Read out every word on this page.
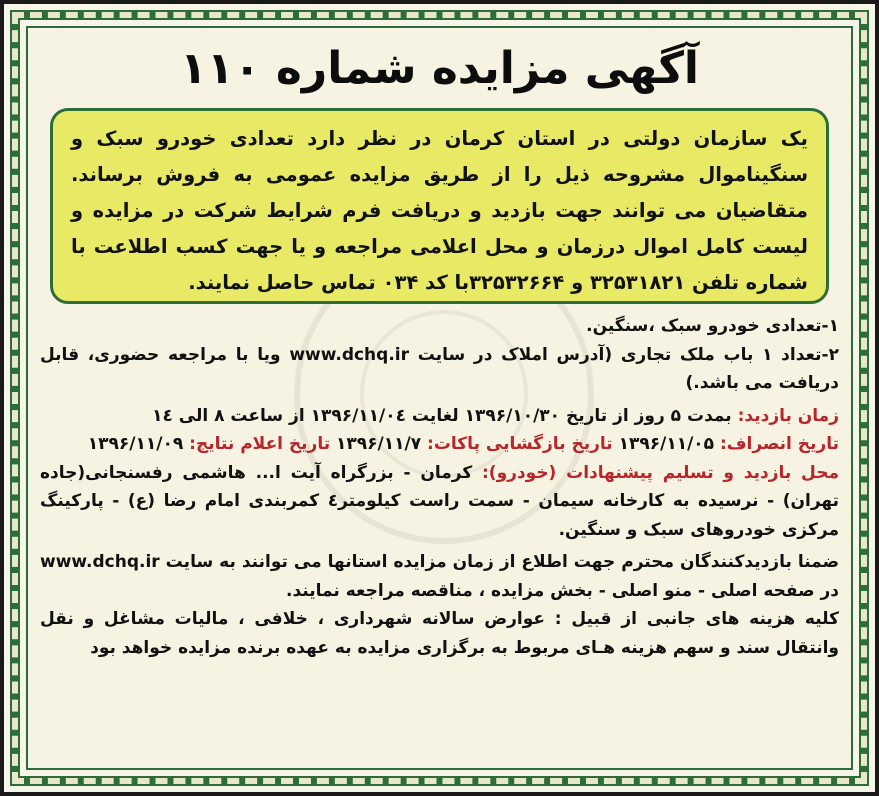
آگهی مزایده شماره ۱۱۰
یک سازمان دولتی در استان کرمان در نظر دارد تعدادی خودرو سبک و سنگیناموال مشروحه ذیل را از طریق مزایده عمومی به فروش برساند. متقاضیان می توانند جهت بازدید و دریافت فرم شرایط شرکت در مزایده و لیست کامل اموال درزمان و محل اعلامی مراجعه و یا جهت کسب اطلاعت با شماره تلفن ۳۲۵۳۱۸۲۱ و ۳۲۵۳۲۶۶۴با کد ۰۳۴ تماس حاصل نمایند.

۱-تعدادی خودرو سبک ،سنگین.

۲-تعداد ۱ باب ملک تجاری (آدرس املاک در سایت www.dchq.ir ویا با مراجعه حضوری، قابل دریافت می باشد.)

زمان بازدید: بمدت ۵ روز از تاریخ ۱۳۹۶/۱۰/۳۰ لغایت ۱۳۹۶/۱۱/۰٤ از ساعت ۸ الی ۱٤

تاریخ انصراف: ۱۳۹۶/۱۱/۰۵ تاریخ بازگشایی پاکات: ۱۳۹۶/۱۱/۷ تاریخ اعلام نتایج: ۱۳۹۶/۱۱/۰۹

محل بازدید و تسلیم پیشنهادات (خودرو): کرمان - بزرگراه آیت ا... هاشمی رفسنجانی(جاده تهران) - نرسیده به کارخانه سیمان - سمت راست کیلومتر٤ کمربندی امام رضا (ع) - پارکینگ مرکزی خودروهای سبک و سنگین.

ضمنا بازدیدکنندگان محترم جهت اطلاع از زمان مزایده استانها می توانند به سایت www.dchq.ir در صفحه اصلی - منو اصلی - بخش مزایده ، مناقصه مراجعه نمایند.

کلیه هزینه های جانبی از قبیل : عوارض سالانه شهرداری ، خلافی ، مالیات مشاغل و نقل وانتقال سند و سهم هزینه هـای مربوط به برگزاری مزایده به عهده برنده مزایده خواهد بود
